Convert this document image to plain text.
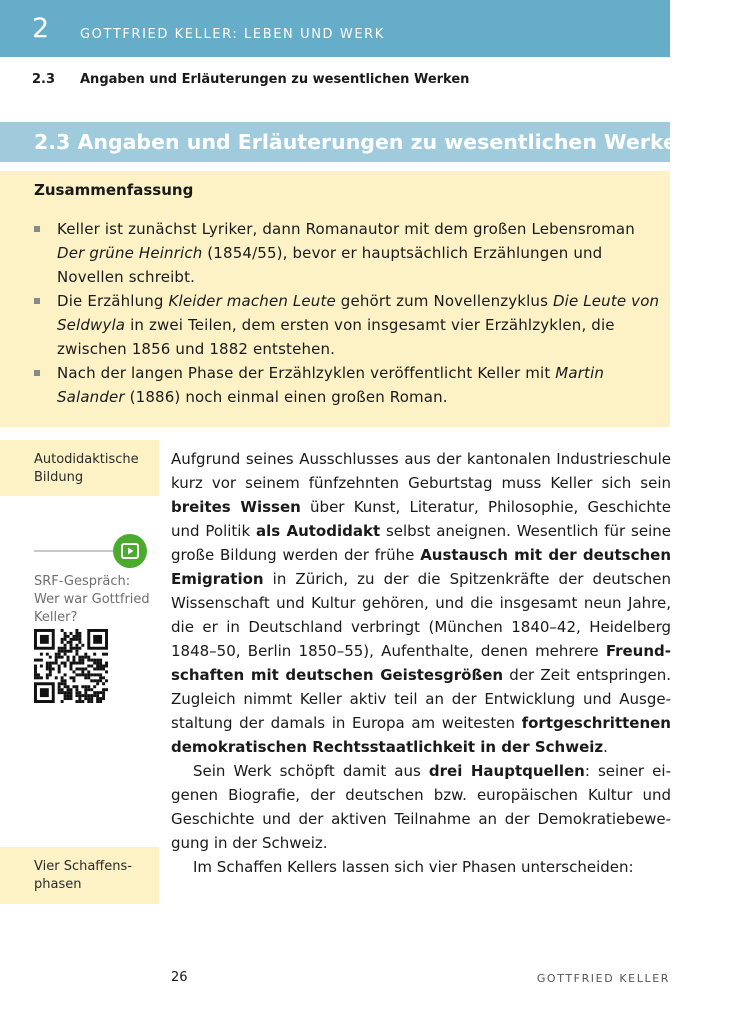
2 GOTTFRIED KELLER: LEBEN UND WERK
2.3 Angaben und Erläuterungen zu wesentlichen Werken
2.3 Angaben und Erläuterungen zu wesentlichen Werken
Zusammenfassung
Keller ist zunächst Lyriker, dann Romanautor mit dem großen Lebensroman Der grüne Heinrich (1854/55), bevor er hauptsächlich Erzählungen und Novellen schreibt.
Die Erzählung Kleider machen Leute gehört zum Novellenzyklus Die Leute von Seldwyla in zwei Teilen, dem ersten von insgesamt vier Erzählzyklen, die zwischen 1856 und 1882 entstehen.
Nach der langen Phase der Erzählzyklen veröffentlicht Keller mit Martin Salander (1886) noch einmal einen großen Roman.
Autodidaktische Bildung
SRF-Gespräch: Wer war Gottfried Keller?
Vier Schaffens-phasen

Aufgrund seines Ausschlusses aus der kantonalen Industrieschule kurz vor seinem fünfzehnten Geburtstag muss Keller sich sein breites Wissen über Kunst, Literatur, Philosophie, Geschichte und Politik als Autodidakt selbst aneignen. Wesentlich für seine große Bildung werden der frühe Austausch mit der deutschen Emigration in Zürich, zu der die Spitzenkräfte der deutschen Wissenschaft und Kultur gehören, und die insgesamt neun Jahre, die er in Deutschland verbringt (München 1840–42, Heidelberg 1848–50, Berlin 1850–55), Aufenthalte, denen mehrere Freundschaften mit deutschen Geistesgrößen der Zeit entspringen. Zugleich nimmt Keller aktiv teil an der Entwicklung und Ausgestaltung der damals in Europa am weitesten fortgeschrittenen demokratischen Rechtsstaatlichkeit in der Schweiz.

Sein Werk schöpft damit aus drei Hauptquellen: seiner eigenen Biografie, der deutschen bzw. europäischen Kultur und Geschichte und der aktiven Teilnahme an der Demokratiebewegung in der Schweiz.

Im Schaffen Kellers lassen sich vier Phasen unterscheiden:

26	GOTTFRIED KELLER
